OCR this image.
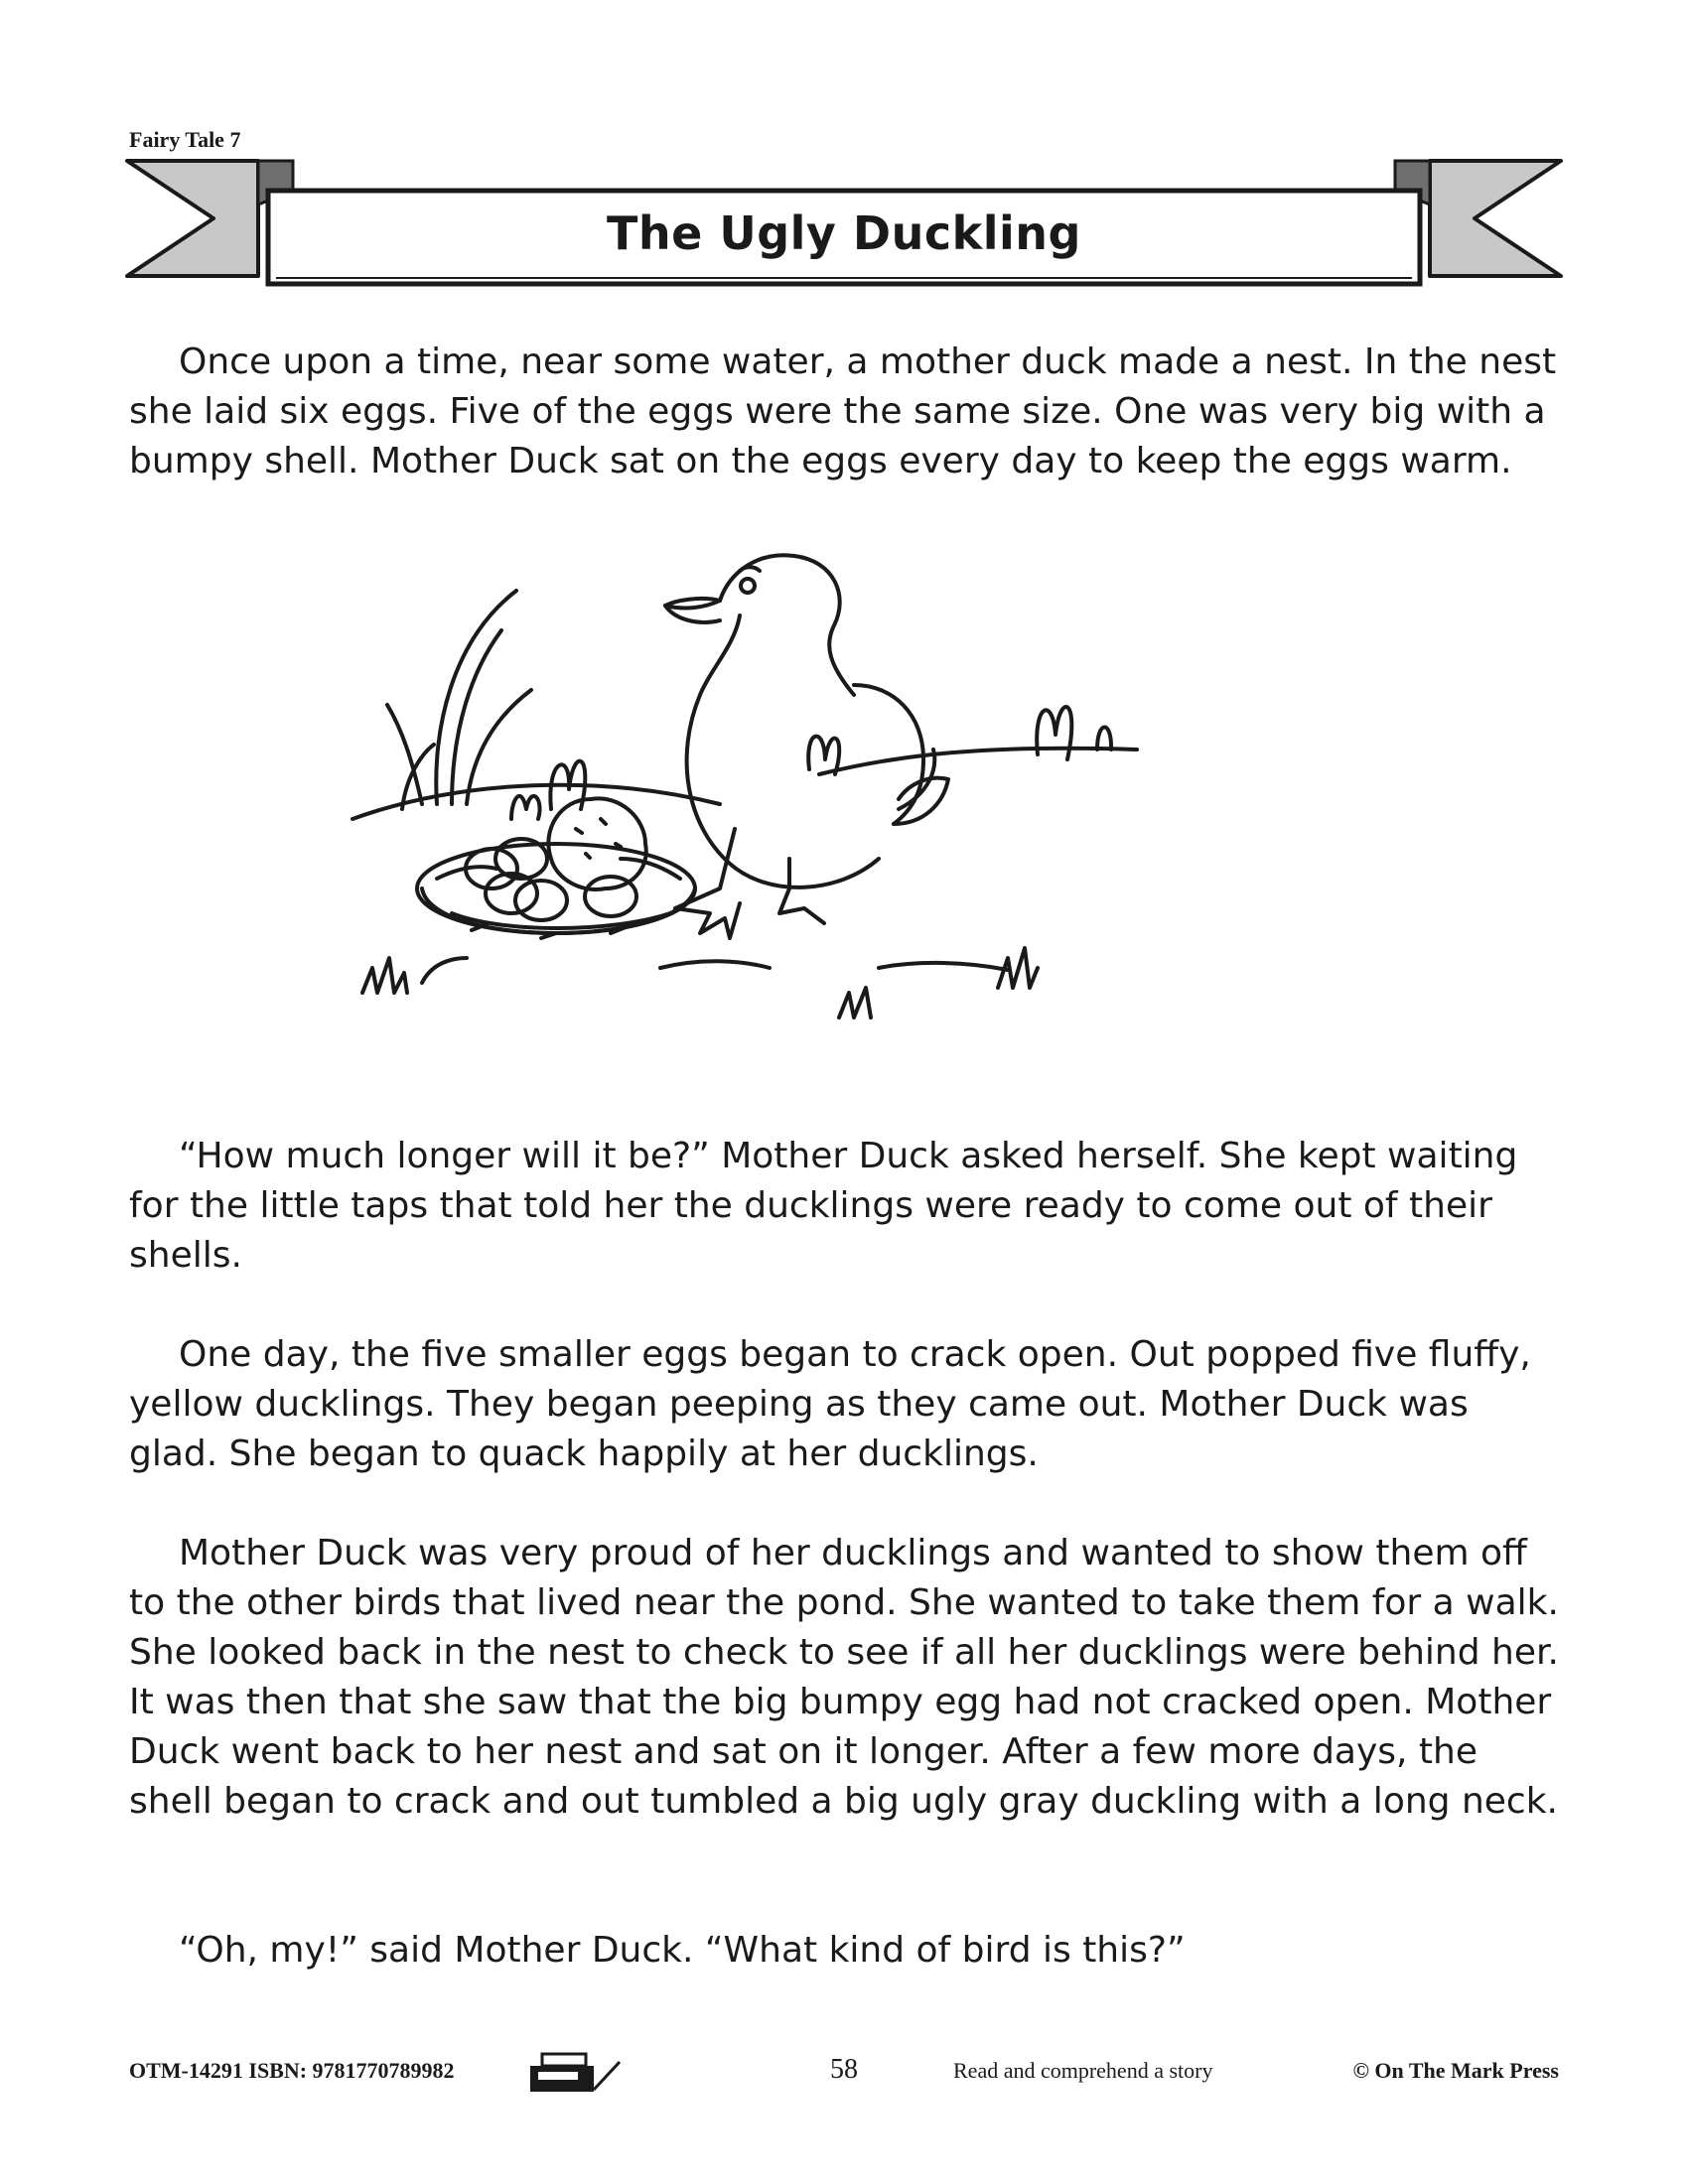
Fairy Tale 7
The Ugly Duckling

Once upon a time, near some water, a mother duck made a nest. In the nest she laid six eggs. Five of the eggs were the same size. One was very big with a bumpy shell. Mother Duck sat on the eggs every day to keep the eggs warm.

“How much longer will it be?” Mother Duck asked herself. She kept waiting for the little taps that told her the ducklings were ready to come out of their shells.

One day, the five smaller eggs began to crack open. Out popped five fluffy, yellow ducklings. They began peeping as they came out. Mother Duck was glad. She began to quack happily at her ducklings.

Mother Duck was very proud of her ducklings and wanted to show them off to the other birds that lived near the pond. She wanted to take them for a walk. She looked back in the nest to check to see if all her ducklings were behind her. It was then that she saw that the big bumpy egg had not cracked open. Mother Duck went back to her nest and sat on it longer. After a few more days, the shell began to crack and out tumbled a big ugly gray duckling with a long neck.

“Oh, my!” said Mother Duck. “What kind of bird is this?”

OTM-14291 ISBN: 9781770789982	58	Read and comprehend a story	© On The Mark Press
